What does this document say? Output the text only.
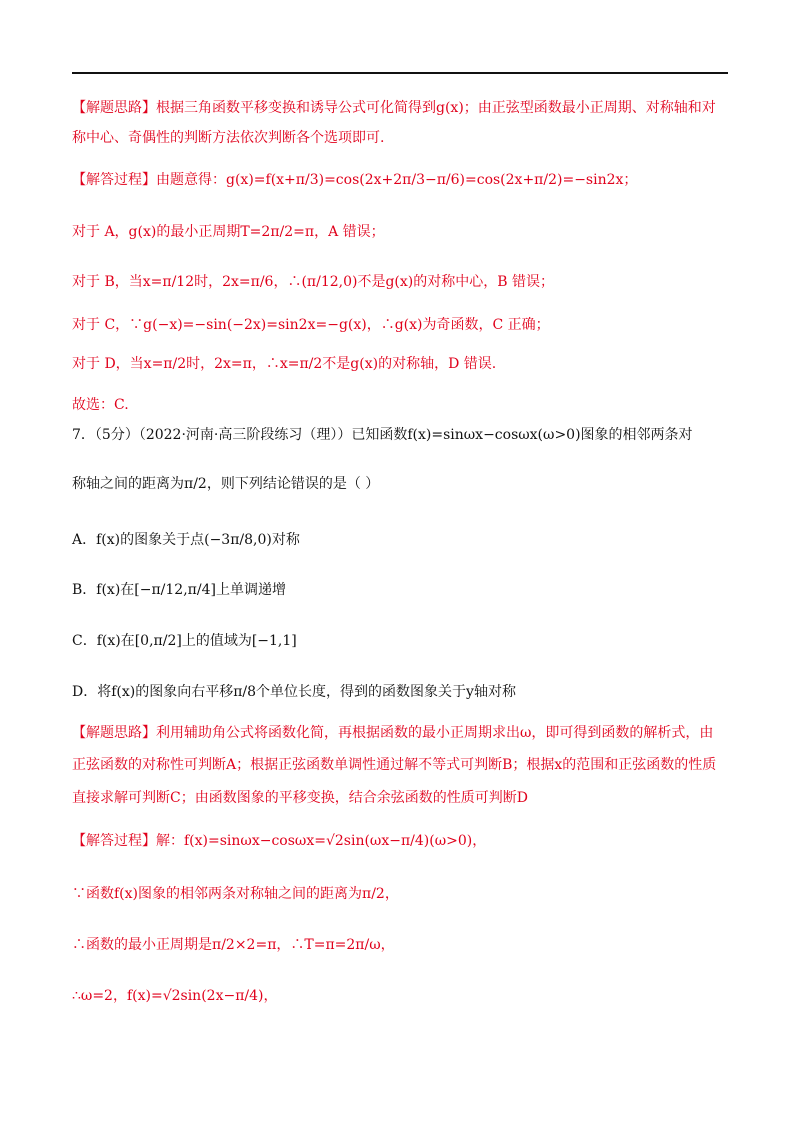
【解题思路】根据三角函数平移变换和诱导公式可化简得到g(x)；由正弦型函数最小正周期、对称轴和对
称中心、奇偶性的判断方法依次判断各个选项即可.
【解答过程】由题意得：g(x)=f(x+π/3)=cos(2x+2π/3−π/6)=cos(2x+π/2)=−sin2x；
对于 A，g(x)的最小正周期T=2π/2=π，A 错误；
对于 B，当x=π/12时，2x=π/6，∴(π/12,0)不是g(x)的对称中心，B 错误；
对于 C，∵g(−x)=−sin(−2x)=sin2x=−g(x)，∴g(x)为奇函数，C 正确；
对于 D，当x=π/2时，2x=π，∴x=π/2不是g(x)的对称轴，D 错误.
故选：C.
7．（5分）（2022·河南·高三阶段练习（理））已知函数f(x)=sinωx−cosωx(ω>0)图象的相邻两条对
称轴之间的距离为π/2，则下列结论错误的是（ ）
A．f(x)的图象关于点(−3π/8,0)对称
B．f(x)在[−π/12,π/4]上单调递增
C．f(x)在[0,π/2]上的值域为[−1,1]
D．将f(x)的图象向右平移π/8个单位长度，得到的函数图象关于y轴对称
【解题思路】利用辅助角公式将函数化简，再根据函数的最小正周期求出ω，即可得到函数的解析式，由
正弦函数的对称性可判断A；根据正弦函数单调性通过解不等式可判断B；根据x的范围和正弦函数的性质
直接求解可判断C；由函数图象的平移变换，结合余弦函数的性质可判断D
【解答过程】解：f(x)=sinωx−cosωx=√2sin(ωx−π/4)(ω>0)，
∵函数f(x)图象的相邻两条对称轴之间的距离为π/2，
∴函数的最小正周期是π/2×2=π，∴T=π=2π/ω，
∴ω=2，f(x)=√2sin(2x−π/4)，
